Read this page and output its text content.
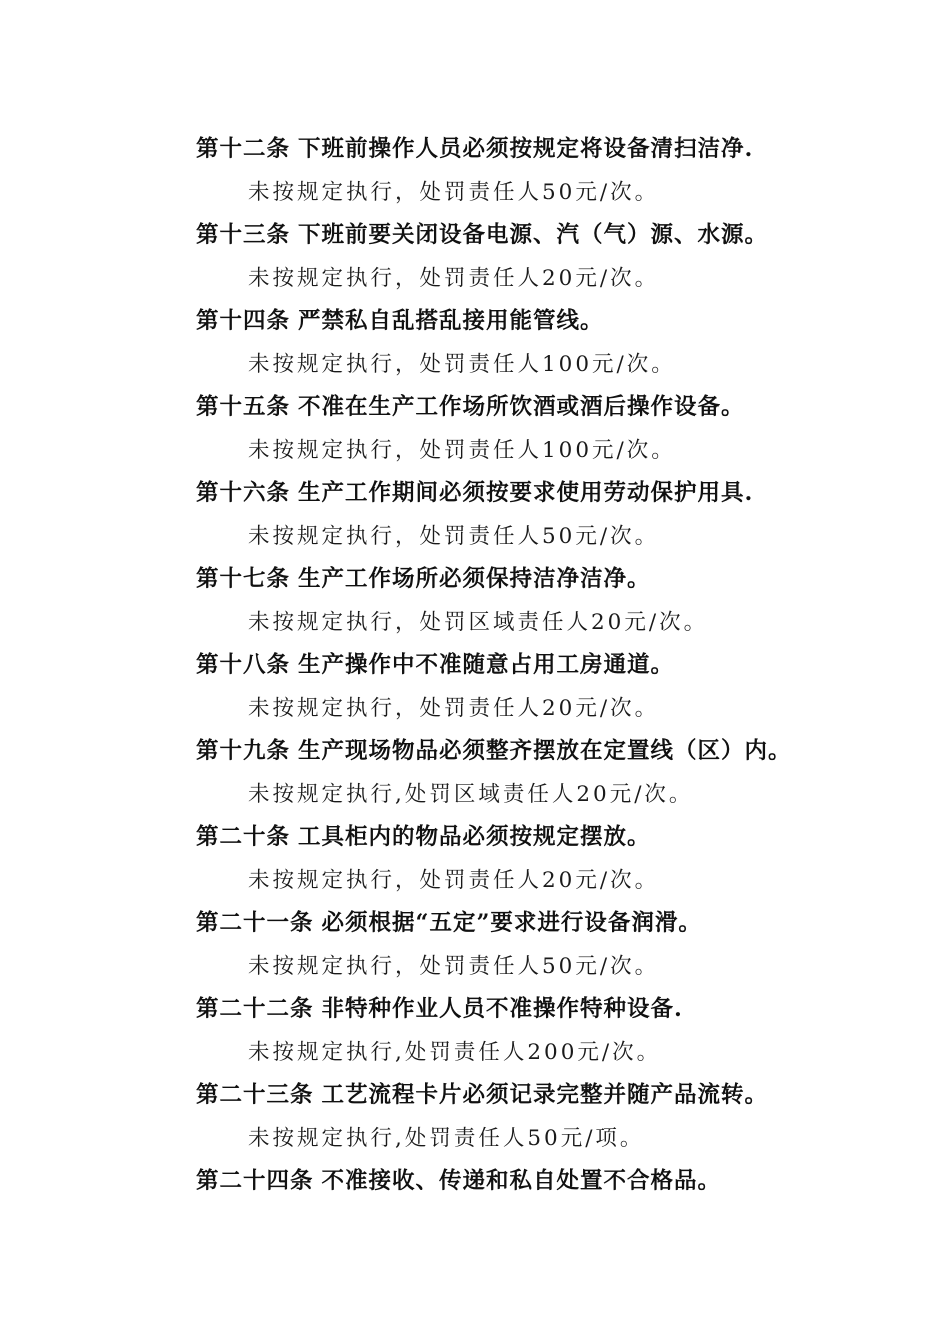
第十二条 下班前操作人员必须按规定将设备清扫洁净.
未按规定执行，处罚责任人50元/次。
第十三条 下班前要关闭设备电源、汽（气）源、水源。
未按规定执行，处罚责任人20元/次。
第十四条 严禁私自乱搭乱接用能管线。
未按规定执行，处罚责任人100元/次。
第十五条 不准在生产工作场所饮酒或酒后操作设备。
未按规定执行，处罚责任人100元/次。
第十六条 生产工作期间必须按要求使用劳动保护用具.
未按规定执行，处罚责任人50元/次。
第十七条 生产工作场所必须保持洁净洁净。
未按规定执行，处罚区域责任人20元/次。
第十八条 生产操作中不准随意占用工房通道。
未按规定执行，处罚责任人20元/次。
第十九条 生产现场物品必须整齐摆放在定置线（区）内。
未按规定执行,处罚区域责任人20元/次。
第二十条 工具柜内的物品必须按规定摆放。
未按规定执行，处罚责任人20元/次。
第二十一条 必须根据“五定”要求进行设备润滑。
未按规定执行，处罚责任人50元/次。
第二十二条 非特种作业人员不准操作特种设备.
未按规定执行,处罚责任人200元/次。
第二十三条 工艺流程卡片必须记录完整并随产品流转。
未按规定执行,处罚责任人50元/项。
第二十四条 不准接收、传递和私自处置不合格品。
